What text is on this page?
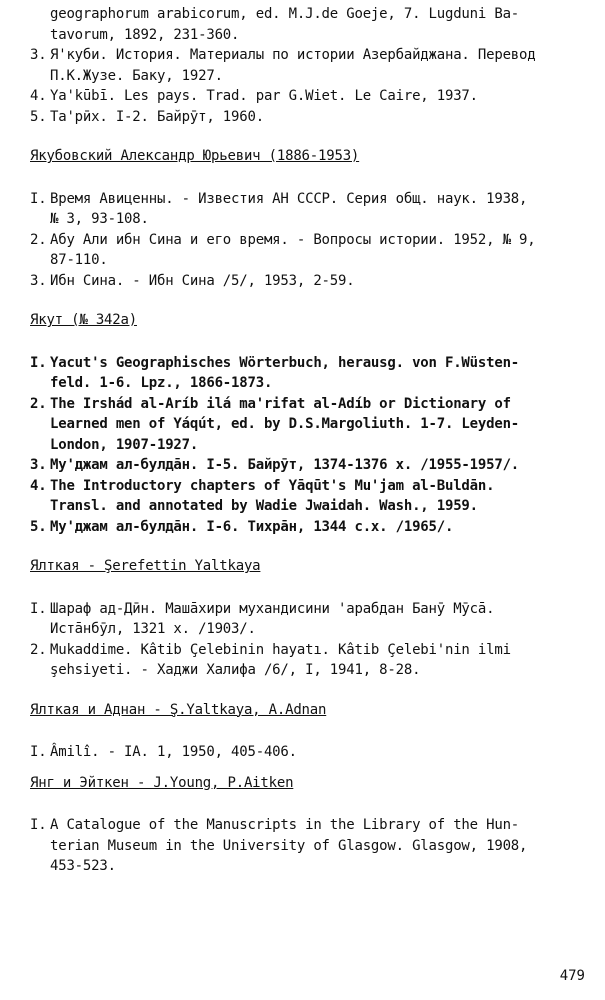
geographorum arabicorum, ed. M.J.de Goeje, 7. Lugduni Ba-
tavorum, 1892, 231-360.
3. Я'куби. История. Материалы по истории Азербайджана. Перевод
П.К.Жузе. Баку, 1927.
4. Ya'kūbī. Les pays. Trad. par G.Wiet. Le Caire, 1937.
5. Та'рӣх. I-2. Байрӯт, 1960.
Якубовский Александр Юрьевич (1886-1953)
I. Время Авиценны. - Известия АН СССР. Серия общ. наук. 1938,
№ 3, 93-108.
2. Абу Али ибн Сина и его время. - Вопросы истории. 1952, № 9,
87-110.
3. Ибн Сина. - Ибн Сина /5/, 1953, 2-59.
Якут (№ 342а)
I. Yacut's Geographisches Wörterbuch, herausg. von F.Wüsten-
feld. 1-6. Lpz., 1866-1873.
2. The Irshád al-Aríb ilá ma'rifat al-Adíb or Dictionary of
Learned men of Yáqút, ed. by D.S.Margoliuth. 1-7. Leyden-
London, 1907-1927.
3. Му'джам ал-булдāн. I-5. Байрӯт, 1374-1376 х. /1955-1957/.
4. The Introductory chapters of Yāqūt's Mu'jam al-Buldān.
Transl. and annotated by Wadie Jwaidah. Wash., 1959.
5. Му'джам ал-булдāн. I-6. Тихрāн, 1344 с.х. /1965/.
Ялткая - Şerefettin Yaltkaya
I. Шараф ад-Дӣн. Машāхири мухандисини 'арабдан Банӯ Мӯсā.
Истāнбӯл, 1321 х. /1903/.
2. Mukaddime. Kâtib Çelebinin hayatı. Kâtib Çelebi'nin ilmi
şehsiyeti. - Хаджи Халифа /6/, I, 1941, 8-28.
Ялткая и Аднан - Ş.Yaltkaya, A.Adnan
I. Âmilî. - IA. 1, 1950, 405-406.
Янг и Эйткен - J.Young, P.Aitken
I. A Catalogue of the Manuscripts in the Library of the Hun-
terian Museum in the University of Glasgow. Glasgow, 1908,
453-523.
479
